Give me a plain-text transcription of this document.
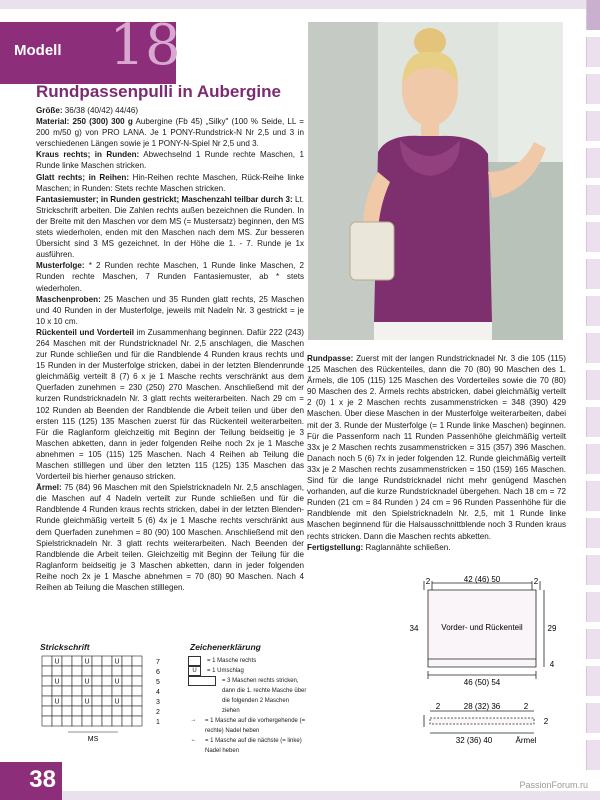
Modell 18
Rundpassenpulli in Aubergine

Größe: 36/38 (40/42) 44/46)

Material: 250 (300) 300 g Aubergine (Fb 45) „Silky" (100 % Seide, LL = 200 m/50 g) von PRO LANA. Je 1 PONY-Rundstrick-N Nr 2,5 und 3 in verschiedenen Längen sowie je 1 PONY-N-Spiel Nr 2,5 und 3.

Kraus rechts; in Runden: Abwechselnd 1 Runde rechte Maschen, 1 Runde linke Maschen stricken.

Glatt rechts; in Reihen: Hin-Reihen rechte Maschen, Rück-Reihe linke Maschen; in Runden: Stets rechte Maschen stricken.

Fantasiemuster; in Runden gestrickt; Maschenzahl teilbar durch 3: Lt. Strickschrift arbeiten. Die Zahlen rechts außen bezeichnen die Runden. In der Breite mit den Maschen vor dem MS (= Mustersatz) beginnen, den MS stets wiederholen, enden mit den Maschen nach dem MS. Zur besseren Übersicht sind 3 MS gezeichnet. In der Höhe die 1. - 7. Runde je 1x ausführen.

Musterfolge: * 2 Runden rechte Maschen, 1 Runde linke Maschen, 2 Runden rechte Maschen, 7 Runden Fantasiemuster, ab * stets wiederholen.

Maschenproben: 25 Maschen und 35 Runden glatt rechts, 25 Maschen und 40 Runden in der Musterfolge, jeweils mit Nadeln Nr. 3 gestrickt = je 10 x 10 cm.

Rückenteil und Vorderteil im Zusammenhang beginnen. Dafür 222 (243) 264 Maschen mit der Rundstricknadel Nr. 2,5 anschlagen, die Maschen zur Runde schließen und für die Randblende 4 Runden kraus rechts und 15 Runden in der Musterfolge stricken, dabei in der letzten Blendenrunde gleichmäßig verteilt 8 (7) 6 x je 1 Masche rechts verschränkt aus dem Querfaden zunehmen = 230 (250) 270 Maschen. Anschließend mit der kurzen Rundstricknadeln Nr. 3 glatt rechts weiterarbeiten. Nach 29 cm = 102 Runden ab Beenden der Randblende die Arbeit teilen und über den ersten 115 (125) 135 Maschen zuerst für das Rückenteil weiterarbeiten. Für die Raglanform gleichzeitig mit Beginn der Teilung beidseitig je 3 Maschen abketten, dann in jeder folgenden Reihe noch 2x je 1 Masche abnehmen = 105 (115) 125 Maschen. Nach 4 Reihen ab Teilung die Maschen stilllegen und über den letzten 115 (125) 135 Maschen das Vorderteil bis hierher genauso stricken.

Ärmel: 75 (84) 96 Maschen mit den Spielstricknadeln Nr. 2,5 anschlagen, die Maschen auf 4 Nadeln verteilt zur Runde schließen und für die Randblende 4 Runden kraus rechts stricken, dabei in der letzten Blenden-Runde gleichmäßig verteilt 5 (6) 4x je 1 Masche rechts verschränkt aus dem Querfaden zunehmen = 80 (90) 100 Maschen. Anschließend mit den Spielstricknadeln Nr. 3 glatt rechts weiterarbeiten. Nach Beenden der Randblende die Arbeit teilen. Gleichzeitig mit Beginn der Teilung für die Raglanform beidseitig je 3 Maschen abketten, dann in jeder folgenden Reihe noch 2x je 1 Masche abnehmen = 70 (80) 90 Maschen. Nach 4 Reihen ab Teilung die Maschen stilllegen.

Rundpasse: Zuerst mit der langen Rundstricknadel Nr. 3 die 105 (115) 125 Maschen des Rückenteiles, dann die 70 (80) 90 Maschen des 1. Ärmels, die 105 (115) 125 Maschen des Vorderteiles sowie die 70 (80) 90 Maschen des 2. Ärmels rechts abstricken, dabei gleichmäßig verteilt 2 (0) 1 x je 2 Maschen rechts zusammenstricken = 348 (390) 429 Maschen. Über diese Maschen in der Musterfolge weiterarbeiten, dabei mit der 3. Runde der Musterfolge (= 1 Runde linke Maschen) beginnen. Für die Passenform nach 11 Runden Passenhöhe gleichmäßig verteilt 33x je 2 Maschen rechts zusammenstricken = 315 (357) 396 Maschen. Danach noch 5 (6) 7x in jeder folgenden 12. Runde gleichmäßig verteilt 33x je 2 Maschen rechts zusammenstricken = 150 (159) 165 Maschen. Sind für die lange Rundstricknadel nicht mehr genügend Maschen vorhanden, auf die kurze Rundstricknadel übergehen. Nach 18 cm = 72 Runden (21 cm = 84 Runden ) 24 cm = 96 Runden Passenhöhe für die Randblende mit den Spielstricknadeln Nr. 2,5, mit 1 Runde linke Maschen beginnend für die Halsausschnittblende noch 3 Runden kraus rechts stricken. Dann die Maschen rechts abketten.

Fertigstellung: Raglannähte schließen.

Vorder- und Rückenteil
42 (46) 50
2	2
34	29
4
46 (50) 54
28 (32) 36
2	2
2
32 (36) 40	Ärmel
Strickschrift
U	U	U	7
6
U	U	U	5
4
U	U	U	3
2
1
MS
Zeichenerklärung
= 1 Masche rechts
U	= 1 Umschlag
= 3 Maschen rechts stricken, dann die 1. rechte Masche über die folgenden 2 Maschen ziehen
→	= 1 Masche auf die vorhergehende (= rechte) Nadel heben
←	= 1 Masche auf die nächste (= linke) Nadel heben
38	PassionForum.ru
